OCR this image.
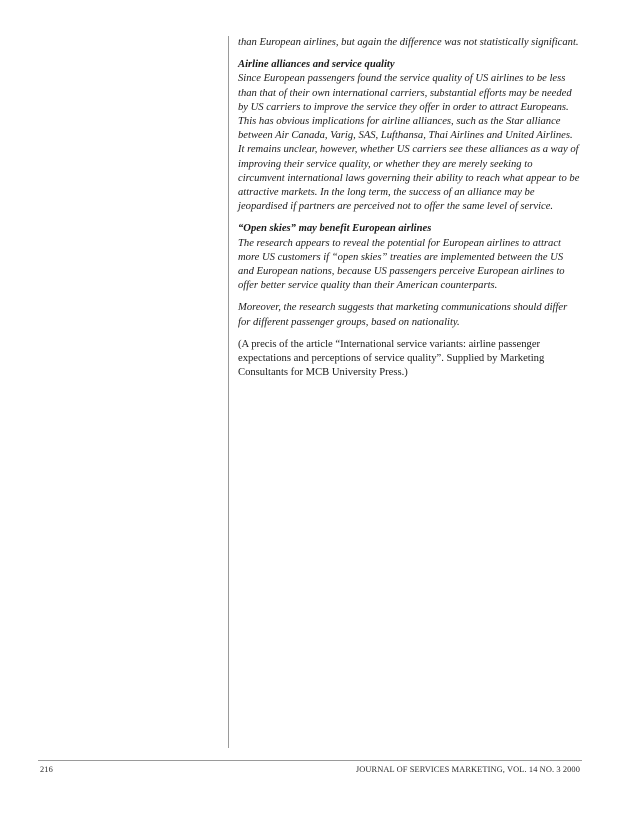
than European airlines, but again the difference was not statistically significant.

Airline alliances and service quality

Since European passengers found the service quality of US airlines to be less than that of their own international carriers, substantial efforts may be needed by US carriers to improve the service they offer in order to attract Europeans. This has obvious implications for airline alliances, such as the Star alliance between Air Canada, Varig, SAS, Lufthansa, Thai Airlines and United Airlines. It remains unclear, however, whether US carriers see these alliances as a way of improving their service quality, or whether they are merely seeking to circumvent international laws governing their ability to reach what appear to be attractive markets. In the long term, the success of an alliance may be jeopardised if partners are perceived not to offer the same level of service.

“Open skies” may benefit European airlines

The research appears to reveal the potential for European airlines to attract more US customers if “open skies” treaties are implemented between the US and European nations, because US passengers perceive European airlines to offer better service quality than their American counterparts.

Moreover, the research suggests that marketing communications should differ for different passenger groups, based on nationality.

(A precis of the article “International service variants: airline passenger expectations and perceptions of service quality”. Supplied by Marketing Consultants for MCB University Press.)

216	JOURNAL OF SERVICES MARKETING, VOL. 14 NO. 3 2000
